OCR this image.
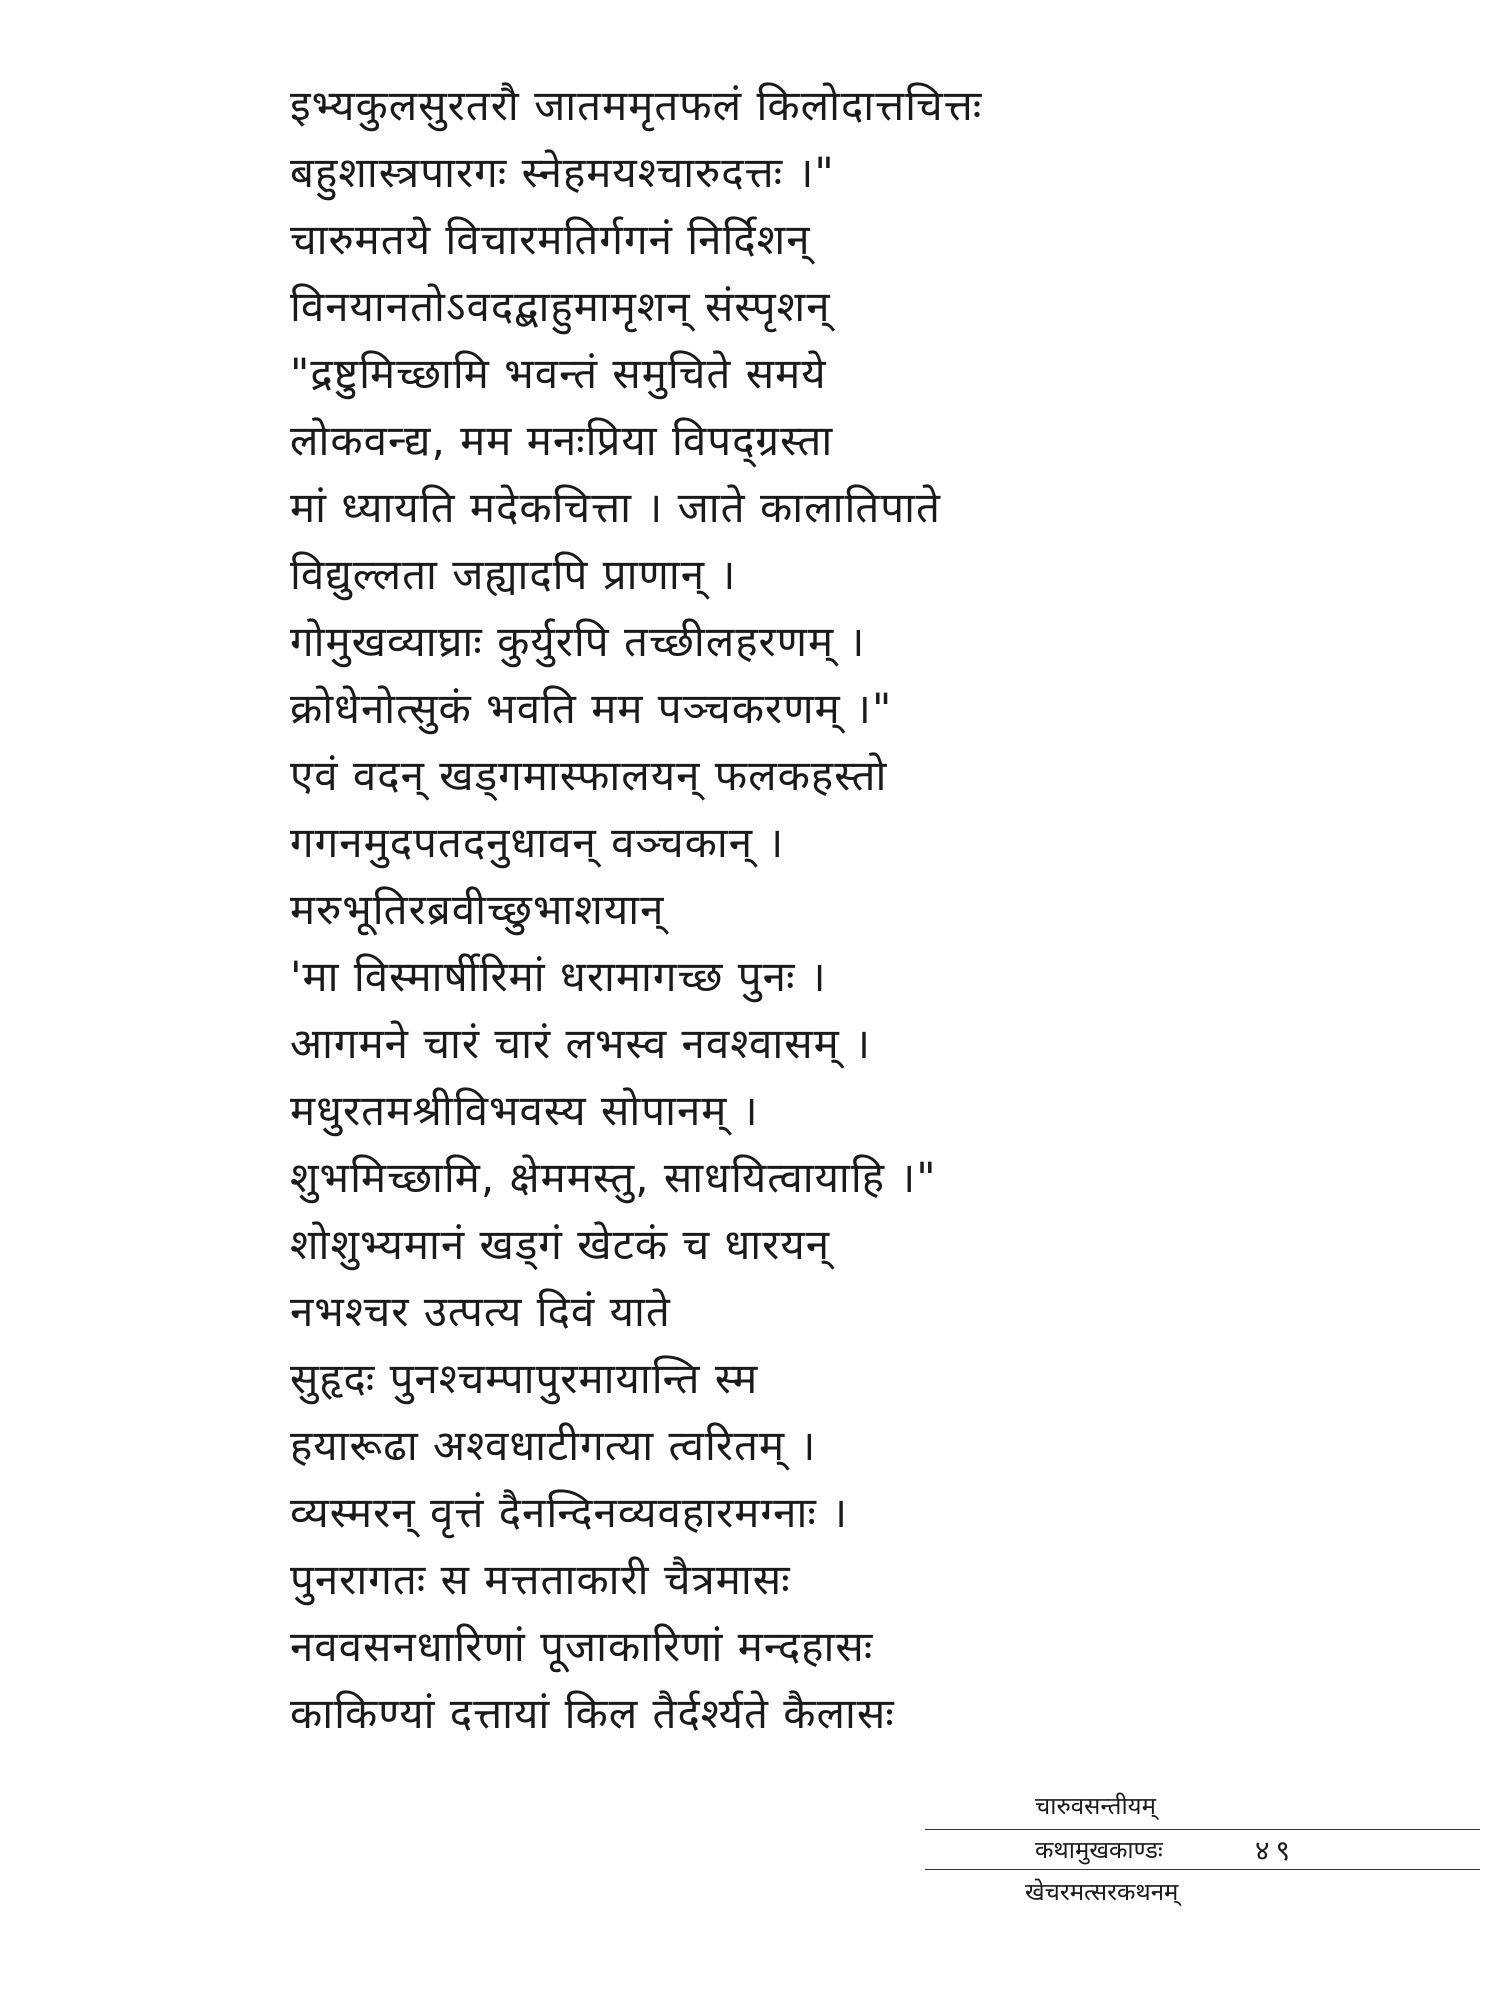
इभ्यकुलसुरतरौ जातममृतफलं किलोदात्तचित्तः
बहुशास्त्रपारगः स्नेहमयश्चारुदत्तः ।"
चारुमतये विचारमतिर्गगनं निर्दिशन्
विनयानतोऽवदद्बाहुमामृशन् संस्पृशन्
"द्रष्टुमिच्छामि भवन्तं समुचिते समये
लोकवन्द्य, मम मनःप्रिया विपद्ग्रस्ता
मां ध्यायति मदेकचित्ता । जाते कालातिपाते
विद्युल्लता जह्यादपि प्राणान् ।
गोमुखव्याघ्राः कुर्युरपि तच्छीलहरणम् ।
क्रोधेनोत्सुकं भवति मम पञ्चकरणम् ।"
एवं वदन् खड्गमास्फालयन् फलकहस्तो
गगनमुदपतदनुधावन् वञ्चकान् ।
मरुभूतिरब्रवीच्छुभाशयान्
'मा विस्मार्षीरिमां धरामागच्छ पुनः ।
आगमने चारं चारं लभस्व नवश्वासम् ।
मधुरतमश्रीविभवस्य सोपानम् ।
शुभमिच्छामि, क्षेममस्तु, साधयित्वायाहि ।"
शोशुभ्यमानं खड्गं खेटकं च धारयन्
नभश्चर उत्पत्य दिवं याते
सुहृदः पुनश्चम्पापुरमायान्ति स्म
हयारूढा अश्वधाटीगत्या त्वरितम् ।
व्यस्मरन् वृत्तं दैनन्दिनव्यवहारमग्नाः ।
पुनरागतः स मत्तताकारी चैत्रमासः
नववसनधारिणां पूजाकारिणां मन्दहासः
काकिण्यां दत्तायां किल तैर्दर्श्यते कैलासः
चारुवसन्तीयम्
कथामुखकाण्डः	४९
खेचरमत्सरकथनम्
